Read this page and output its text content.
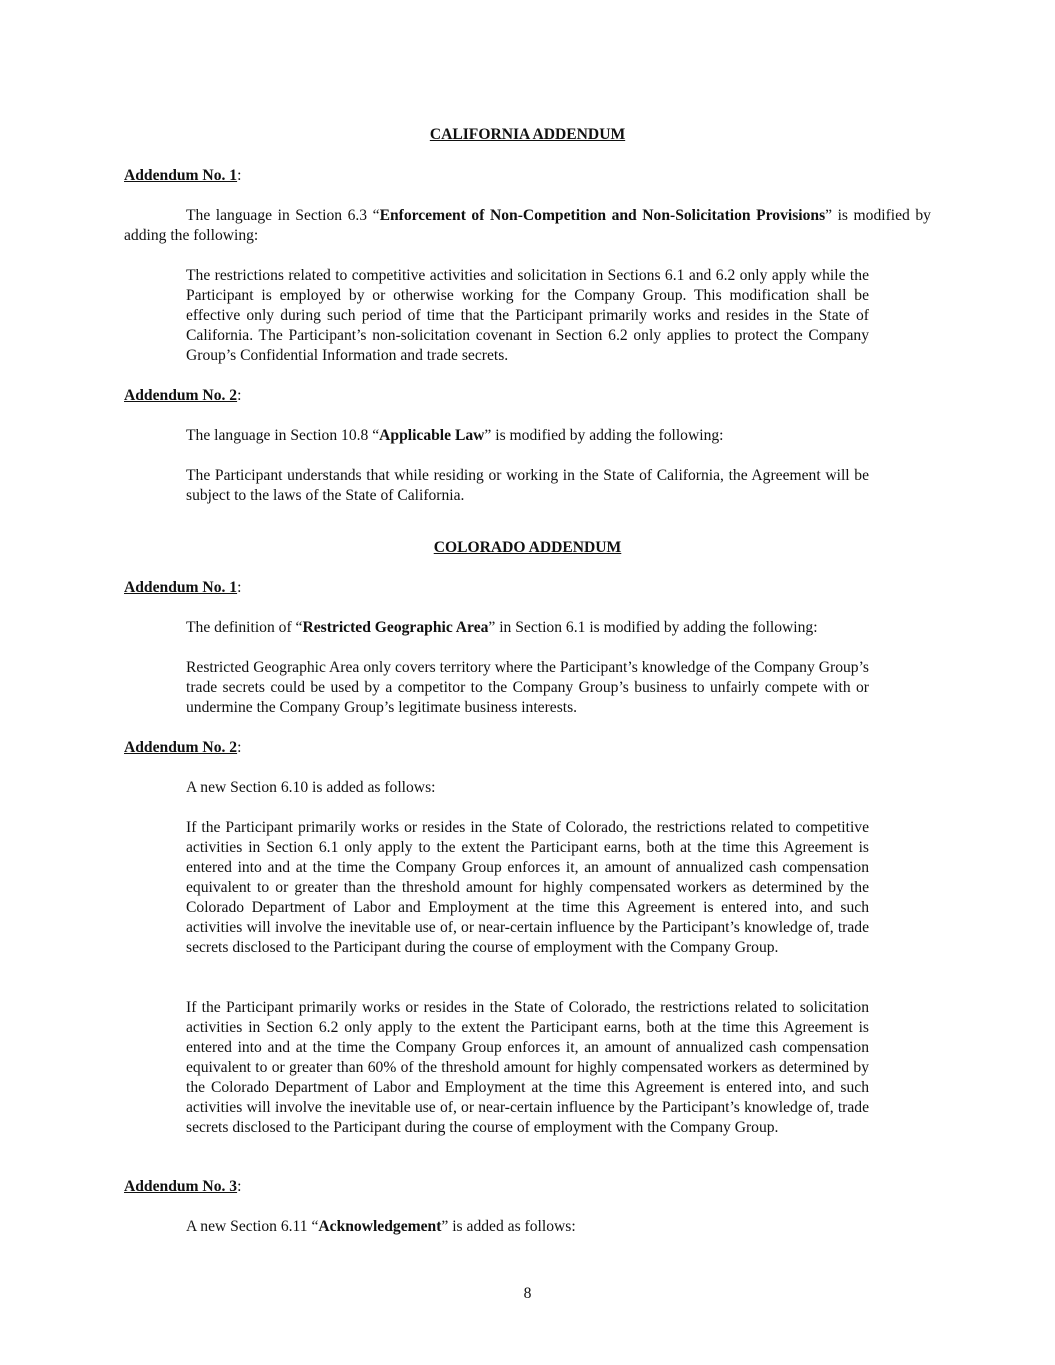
CALIFORNIA ADDENDUM

Addendum No. 1:

The language in Section 6.3 “Enforcement of Non-Competition and Non-Solicitation Provisions” is modified by adding the following:

The restrictions related to competitive activities and solicitation in Sections 6.1 and 6.2 only apply while the Participant is employed by or otherwise working for the Company Group. This modification shall be effective only during such period of time that the Participant primarily works and resides in the State of California. The Participant’s non-solicitation covenant in Section 6.2 only applies to protect the Company Group’s Confidential Information and trade secrets.

Addendum No. 2:

The language in Section 10.8 “Applicable Law” is modified by adding the following:

The Participant understands that while residing or working in the State of California, the Agreement will be subject to the laws of the State of California.

COLORADO ADDENDUM

Addendum No. 1:

The definition of “Restricted Geographic Area” in Section 6.1 is modified by adding the following:

Restricted Geographic Area only covers territory where the Participant’s knowledge of the Company Group’s trade secrets could be used by a competitor to the Company Group’s business to unfairly compete with or undermine the Company Group’s legitimate business interests.

Addendum No. 2:

A new Section 6.10 is added as follows:

If the Participant primarily works or resides in the State of Colorado, the restrictions related to competitive activities in Section 6.1 only apply to the extent the Participant earns, both at the time this Agreement is entered into and at the time the Company Group enforces it, an amount of annualized cash compensation equivalent to or greater than the threshold amount for highly compensated workers as determined by the Colorado Department of Labor and Employment at the time this Agreement is entered into, and such activities will involve the inevitable use of, or near-certain influence by the Participant’s knowledge of, trade secrets disclosed to the Participant during the course of employment with the Company Group.

If the Participant primarily works or resides in the State of Colorado, the restrictions related to solicitation activities in Section 6.2 only apply to the extent the Participant earns, both at the time this Agreement is entered into and at the time the Company Group enforces it, an amount of annualized cash compensation equivalent to or greater than 60% of the threshold amount for highly compensated workers as determined by the Colorado Department of Labor and Employment at the time this Agreement is entered into, and such activities will involve the inevitable use of, or near-certain influence by the Participant’s knowledge of, trade secrets disclosed to the Participant during the course of employment with the Company Group.

Addendum No. 3:

A new Section 6.11 “Acknowledgement” is added as follows:

8
